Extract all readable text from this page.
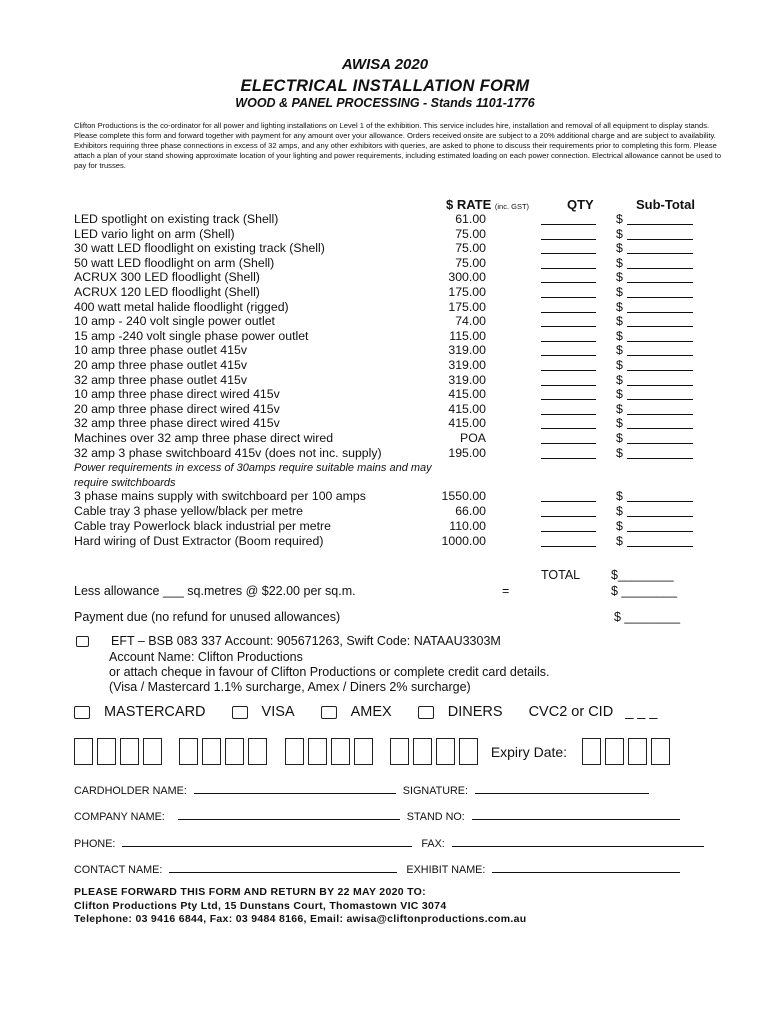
AWISA 2020
ELECTRICAL INSTALLATION FORM
WOOD & PANEL PROCESSING - Stands 1101-1776

Clifton Productions is the co-ordinator for all power and lighting installations on Level 1 of the exhibition. This service includes hire, installation and removal of all equipment to display stands. Please complete this form and forward together with payment for any amount over your allowance. Orders received onsite are subject to a 20% additional charge and are subject to availability. Exhibitors requiring three phase connections in excess of 32 amps, and any other exhibitors with queries, are asked to phone to discuss their requirements prior to completing this form. Please attach a plan of your stand showing approximate location of your lighting and power requirements, including estimated loading on each power connection. Electrical allowance cannot be used to pay for trusses.

$ RATE (inc. GST)	QTY	Sub-Total
LED spotlight on existing track (Shell)	61.00	$
LED vario light on arm (Shell)	75.00	$
30 watt LED floodlight on existing track (Shell)	75.00	$
50 watt LED floodlight on arm (Shell)	75.00	$
ACRUX 300 LED floodlight (Shell)	300.00	$
ACRUX 120 LED floodlight (Shell)	175.00	$
400 watt metal halide floodlight (rigged)	175.00	$
10 amp - 240 volt single power outlet	74.00	$
15 amp -240 volt single phase power outlet	115.00	$
10 amp three phase outlet 415v	319.00	$
20 amp three phase outlet 415v	319.00	$
32 amp three phase outlet 415v	319.00	$
10 amp three phase direct wired 415v	415.00	$
20 amp three phase direct wired 415v	415.00	$
32 amp three phase direct wired 415v	415.00	$
Machines over 32 amp three phase direct wired	POA	$
32 amp 3 phase switchboard 415v (does not inc. supply)	195.00	$
Power requirements in excess of 30amps require suitable mains and may require switchboards
3 phase mains supply with switchboard per 100 amps	1550.00	$
Cable tray 3 phase yellow/black per metre	66.00	$
Cable tray Powerlock black industrial per metre	110.00	$
Hard wiring of Dust Extractor (Boom required)	1000.00	$
TOTAL $________
Less allowance ___ sq.metres @ $22.00 per sq.m.	=	$ ________
Payment due (no refund for unused allowances)	$ ________
EFT – BSB 083 337 Account: 905671263, Swift Code: NATAAU3303M
Account Name: Clifton Productions
or attach cheque in favour of Clifton Productions or complete credit card details.
(Visa / Mastercard 1.1% surcharge, Amex / Diners 2% surcharge)
MASTERCARD	VISA	AMEX	DINERS CVC2 or CID _ _ _
Expiry Date:
CARDHOLDER NAME:	SIGNATURE:
COMPANY NAME:	STAND NO:
PHONE:	FAX:
CONTACT NAME:	EXHIBIT NAME:
PLEASE FORWARD THIS FORM AND RETURN BY 22 MAY 2020 TO:
Clifton Productions Pty Ltd, 15 Dunstans Court, Thomastown VIC 3074
Telephone: 03 9416 6844, Fax: 03 9484 8166, Email: awisa@cliftonproductions.com.au
